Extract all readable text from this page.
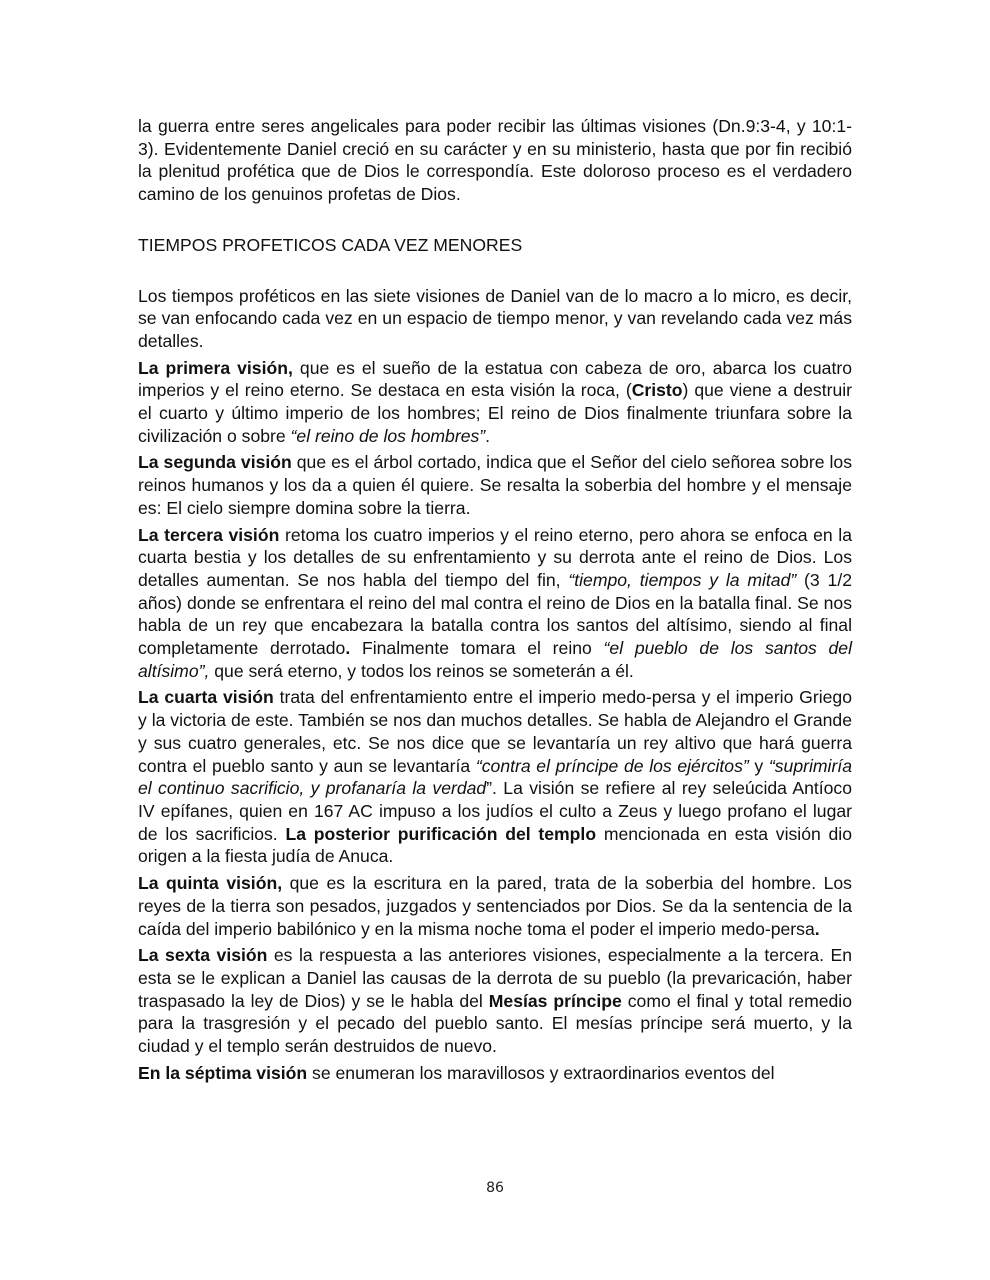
la guerra entre seres angelicales para poder recibir las últimas visiones (Dn.9:3-4, y 10:1-3). Evidentemente Daniel creció en su carácter y en su ministerio, hasta que por fin recibió la plenitud profética que de Dios le correspondía. Este doloroso proceso es el verdadero camino de los genuinos profetas de Dios.

TIEMPOS PROFETICOS CADA VEZ MENORES

Los tiempos proféticos en las siete visiones de Daniel van de lo macro a lo micro, es decir, se van enfocando cada vez en un espacio de tiempo menor, y van revelando cada vez más detalles.

La primera visión, que es el sueño de la estatua con cabeza de oro, abarca los cuatro imperios y el reino eterno. Se destaca en esta visión la roca, (Cristo) que viene a destruir el cuarto y último imperio de los hombres; El reino de Dios finalmente triunfara sobre la civilización o sobre “el reino de los hombres”.

La segunda visión que es el árbol cortado, indica que el Señor del cielo señorea sobre los reinos humanos y los da a quien él quiere. Se resalta la soberbia del hombre y el mensaje es: El cielo siempre domina sobre la tierra.

La tercera visión retoma los cuatro imperios y el reino eterno, pero ahora se enfoca en la cuarta bestia y los detalles de su enfrentamiento y su derrota ante el reino de Dios. Los detalles aumentan. Se nos habla del tiempo del fin, “tiempo, tiempos y la mitad” (3 1/2 años) donde se enfrentara el reino del mal contra el reino de Dios en la batalla final. Se nos habla de un rey que encabezara la batalla contra los santos del altísimo, siendo al final completamente derrotado. Finalmente tomara el reino “el pueblo de los santos del altísimo”, que será eterno, y todos los reinos se someterán a él.

La cuarta visión trata del enfrentamiento entre el imperio medo-persa y el imperio Griego y la victoria de este. También se nos dan muchos detalles. Se habla de Alejandro el Grande y sus cuatro generales, etc. Se nos dice que se levantaría un rey altivo que hará guerra contra el pueblo santo y aun se levantaría “contra el príncipe de los ejércitos” y “suprimiría el continuo sacrificio, y profanaría la verdad”. La visión se refiere al rey seleúcida Antíoco IV epífanes, quien en 167 AC impuso a los judíos el culto a Zeus y luego profano el lugar de los sacrificios. La posterior purificación del templo mencionada en esta visión dio origen a la fiesta judía de Anuca.

La quinta visión, que es la escritura en la pared, trata de la soberbia del hombre. Los reyes de la tierra son pesados, juzgados y sentenciados por Dios. Se da la sentencia de la caída del imperio babilónico y en la misma noche toma el poder el imperio medo-persa.

La sexta visión es la respuesta a las anteriores visiones, especialmente a la tercera. En esta se le explican a Daniel las causas de la derrota de su pueblo (la prevaricación, haber traspasado la ley de Dios) y se le habla del Mesías príncipe como el final y total remedio para la trasgresión y el pecado del pueblo santo. El mesías príncipe será muerto, y la ciudad y el templo serán destruidos de nuevo.

En la séptima visión se enumeran los maravillosos y extraordinarios eventos del

86
